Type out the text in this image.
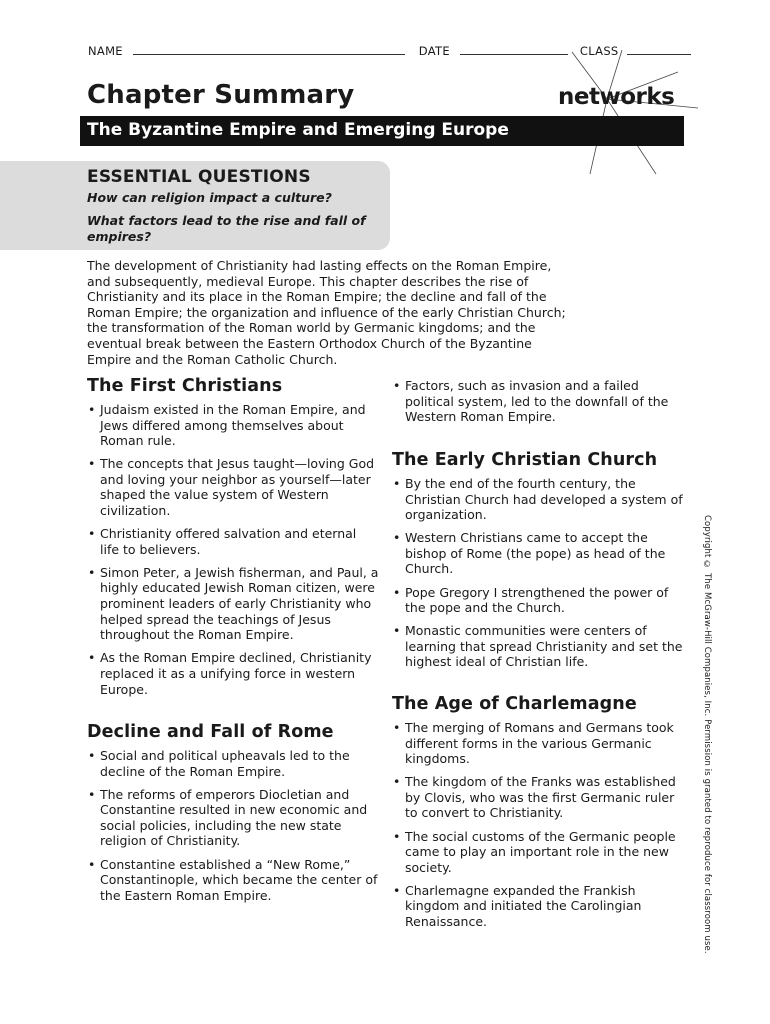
NAME	DATE	CLASS
Chapter Summary	networks
The Byzantine Empire and Emerging Europe
ESSENTIAL QUESTIONS
How can religion impact a culture?
What factors lead to the rise and fall of
empires?
The development of Christianity had lasting effects on the Roman Empire, and subsequently, medieval Europe. This chapter describes the rise of Christianity and its place in the Roman Empire; the decline and fall of the Roman Empire; the organization and influence of the early Christian Church; the transformation of the Roman world by Germanic kingdoms; and the eventual break between the Eastern Orthodox Church of the Byzantine Empire and the Roman Catholic Church.
The First Christians
• Judaism existed in the Roman Empire, and Jews differed among themselves about Roman rule.
• The concepts that Jesus taught—loving God and loving your neighbor as yourself—later shaped the value system of Western civilization.
• Christianity offered salvation and eternal life to believers.
• Simon Peter, a Jewish fisherman, and Paul, a highly educated Jewish Roman citizen, were prominent leaders of early Christianity who helped spread the teachings of Jesus throughout the Roman Empire.
• As the Roman Empire declined, Christianity replaced it as a unifying force in western Europe.
Decline and Fall of Rome
• Social and political upheavals led to the decline of the Roman Empire.
• The reforms of emperors Diocletian and Constantine resulted in new economic and social policies, including the new state religion of Christianity.
• Constantine established a “New Rome,” Constantinople, which became the center of the Eastern Roman Empire.
• Factors, such as invasion and a failed political system, led to the downfall of the Western Roman Empire.
The Early Christian Church
• By the end of the fourth century, the Christian Church had developed a system of organization.
• Western Christians came to accept the bishop of Rome (the pope) as head of the Church.
• Pope Gregory I strengthened the power of the pope and the Church.
• Monastic communities were centers of learning that spread Christianity and set the highest ideal of Christian life.
The Age of Charlemagne
• The merging of Romans and Germans took different forms in the various Germanic kingdoms.
• The kingdom of the Franks was established by Clovis, who was the first Germanic ruler to convert to Christianity.
• The social customs of the Germanic people came to play an important role in the new society.
• Charlemagne expanded the Frankish kingdom and initiated the Carolingian Renaissance.	Copyright © The McGraw-Hill Companies, Inc. Permission is granted to reproduce for classroom use.
